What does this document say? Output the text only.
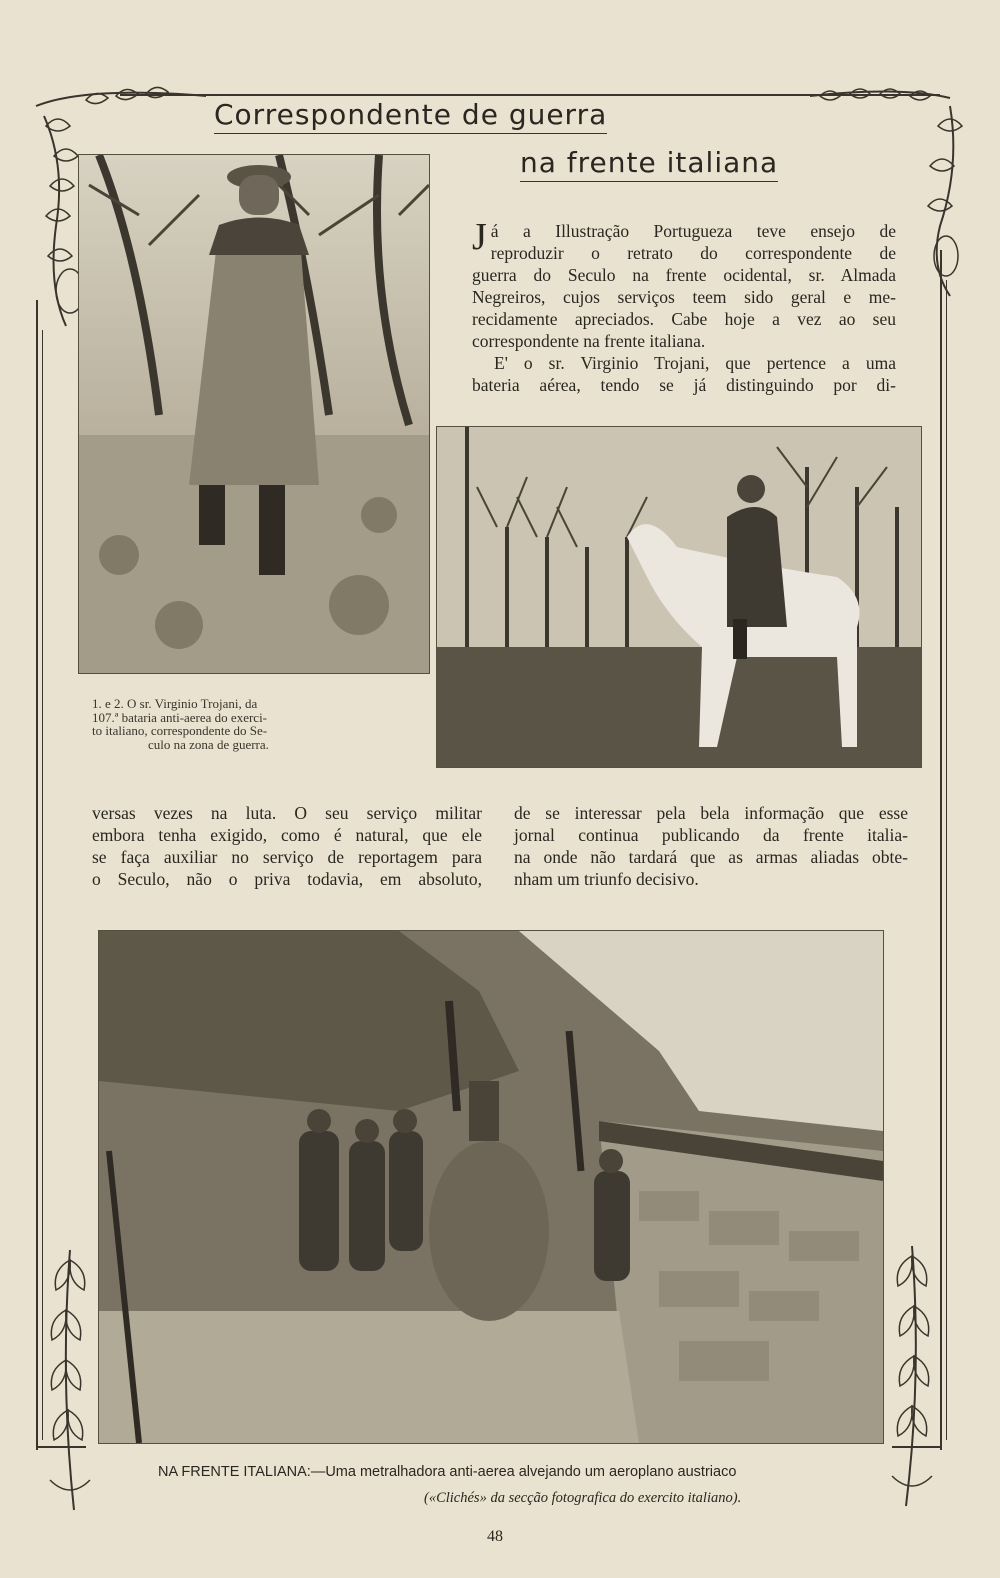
Correspondente de guerra
na frente italiana
1. e 2. O sr. Virginio Trojani, da
107.ª bataria anti-aerea do exerci-
to italiano, correspondente do Se-
culo na zona de guerra.
J á a Illustração Portugueza teve ensejo de
reproduzir o retrato do correspondente de
guerra do Seculo na frente ocidental, sr. Almada
Negreiros, cujos serviços teem sido geral e me-
recidamente apreciados. Cabe hoje a vez ao seu
correspondente na frente italiana.
E' o sr. Virginio Trojani, que pertence a uma
bateria aérea, tendo se já distinguindo por di-
versas vezes na luta. O seu serviço militar
embora tenha exigido, como é natural, que ele
se faça auxiliar no serviço de reportagem para
o Seculo, não o priva todavia, em absoluto,
de se interessar pela bela informação que esse
jornal continua publicando da frente italia-
na onde não tardará que as armas aliadas obte-
nham um triunfo decisivo.
NA FRENTE ITALIANA:—Uma metralhadora anti-aerea alvejando um aeroplano austriaco
(«Clichés» da secção fotografica do exercito italiano).
48
